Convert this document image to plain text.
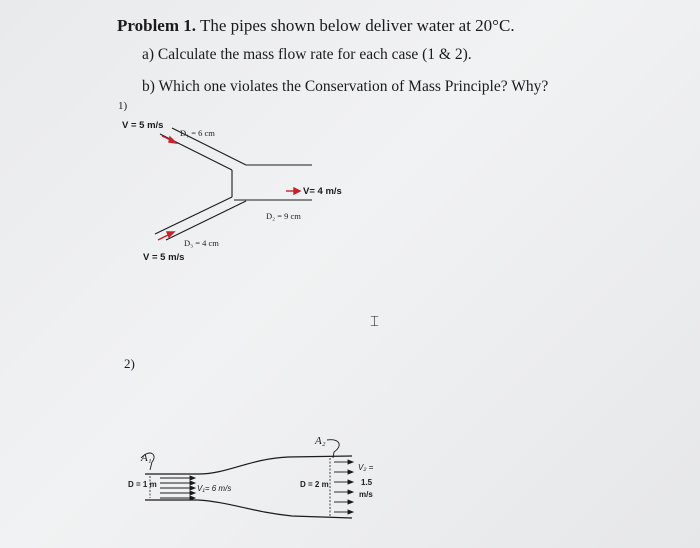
Problem 1. The pipes shown below deliver water at 20°C.
a) Calculate the mass flow rate for each case (1 & 2).
b) Which one violates the Conservation of Mass Principle? Why?
1)
V = 5 m/s
D₁ = 6 cm
V= 4 m/s
D₂ = 9 cm
D₃ = 4 cm
V = 5 m/s
2)
A₁
A₂
D = 1 m	V₁= 6 m/s	D = 2 m
V₂ =
1.5
m/s
⌶
